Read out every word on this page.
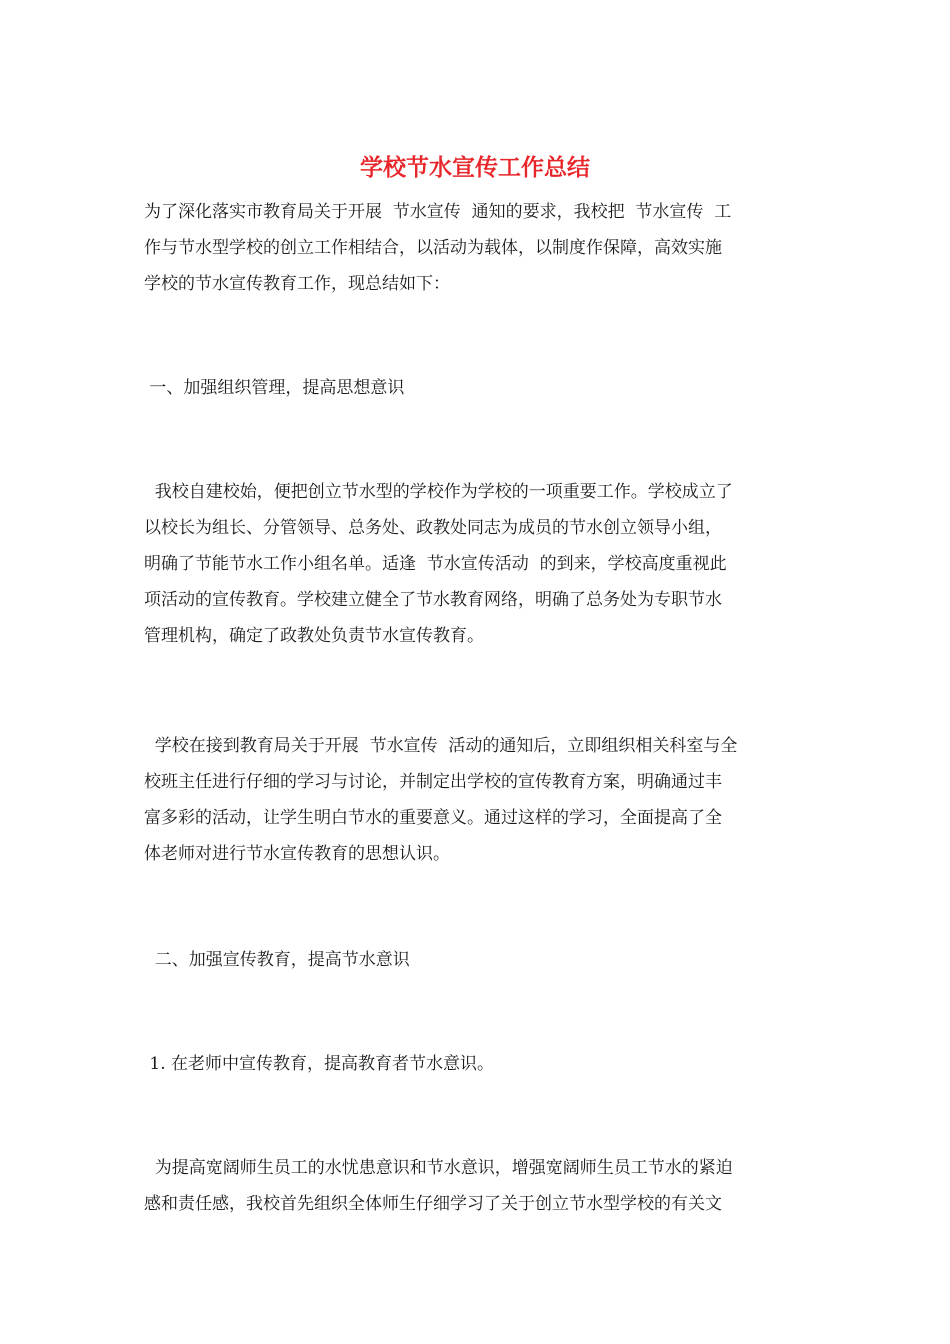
学校节水宣传工作总结
为了深化落实市教育局关于开展  节水宣传  通知的要求，我校把  节水宣传  工
作与节水型学校的创立工作相结合，以活动为载体，以制度作保障，高效实施
学校的节水宣传教育工作，现总结如下：
一、加强组织管理，提高思想意识
我校自建校始，便把创立节水型的学校作为学校的一项重要工作。学校成立了
以校长为组长、分管领导、总务处、政教处同志为成员的节水创立领导小组，
明确了节能节水工作小组名单。适逢  节水宣传活动  的到来，学校高度重视此
项活动的宣传教育。学校建立健全了节水教育网络，明确了总务处为专职节水
管理机构，确定了政教处负责节水宣传教育。
学校在接到教育局关于开展  节水宣传  活动的通知后，立即组织相关科室与全
校班主任进行仔细的学习与讨论，并制定出学校的宣传教育方案，明确通过丰
富多彩的活动，让学生明白节水的重要意义。通过这样的学习，全面提高了全
体老师对进行节水宣传教育的思想认识。
二、加强宣传教育，提高节水意识
1. 在老师中宣传教育，提高教育者节水意识。
为提高宽阔师生员工的水忧患意识和节水意识，增强宽阔师生员工节水的紧迫
感和责任感，我校首先组织全体师生仔细学习了关于创立节水型学校的有关文
